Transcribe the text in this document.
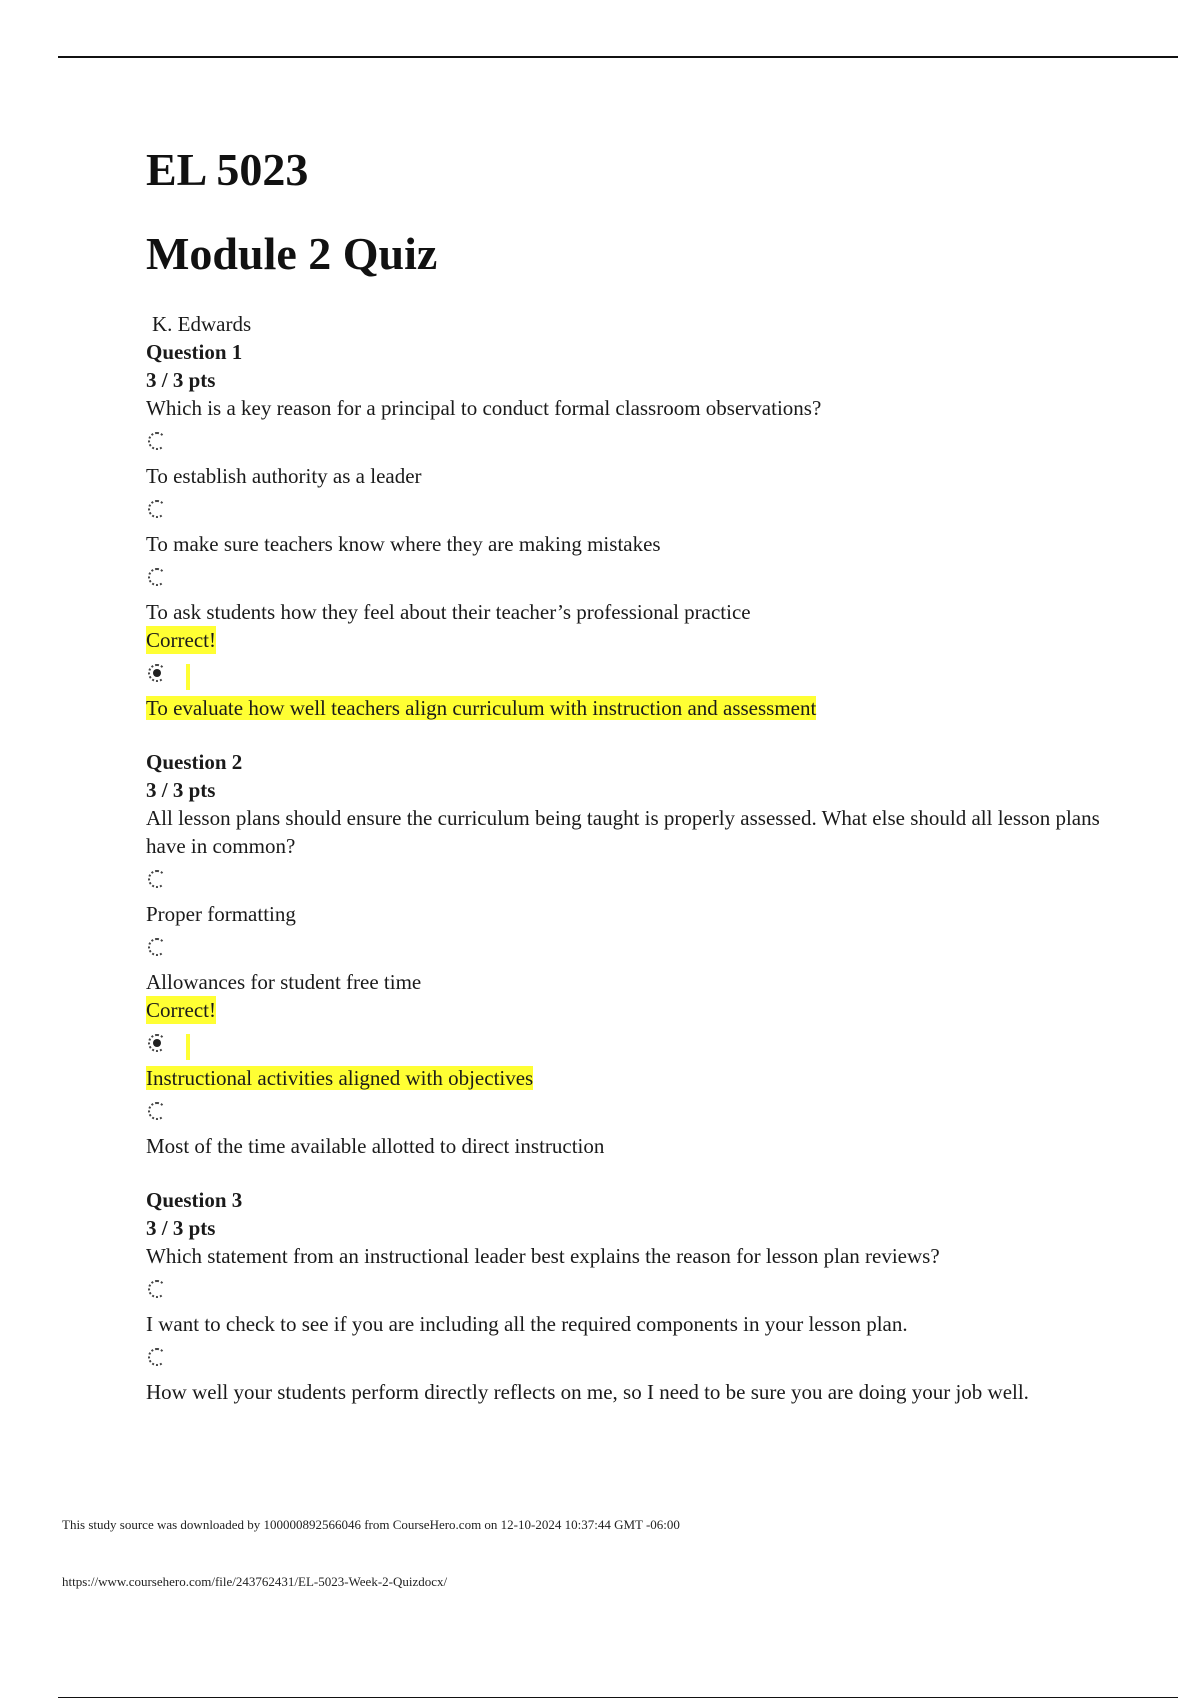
EL 5023
Module 2 Quiz
K. Edwards
Question 1
3 / 3 pts
Which is a key reason for a principal to conduct formal classroom observations?
To establish authority as a leader
To make sure teachers know where they are making mistakes
To ask students how they feel about their teacher’s professional practice
Correct!
To evaluate how well teachers align curriculum with instruction and assessment
Question 2
3 / 3 pts
All lesson plans should ensure the curriculum being taught is properly assessed. What else should all lesson plans have in common?
Proper formatting
Allowances for student free time
Correct!
Instructional activities aligned with objectives
Most of the time available allotted to direct instruction
Question 3
3 / 3 pts
Which statement from an instructional leader best explains the reason for lesson plan reviews?
I want to check to see if you are including all the required components in your lesson plan.
How well your students perform directly reflects on me, so I need to be sure you are doing your job well.
This study source was downloaded by 100000892566046 from CourseHero.com on 12-10-2024 10:37:44 GMT -06:00
https://www.coursehero.com/file/243762431/EL-5023-Week-2-Quizdocx/
